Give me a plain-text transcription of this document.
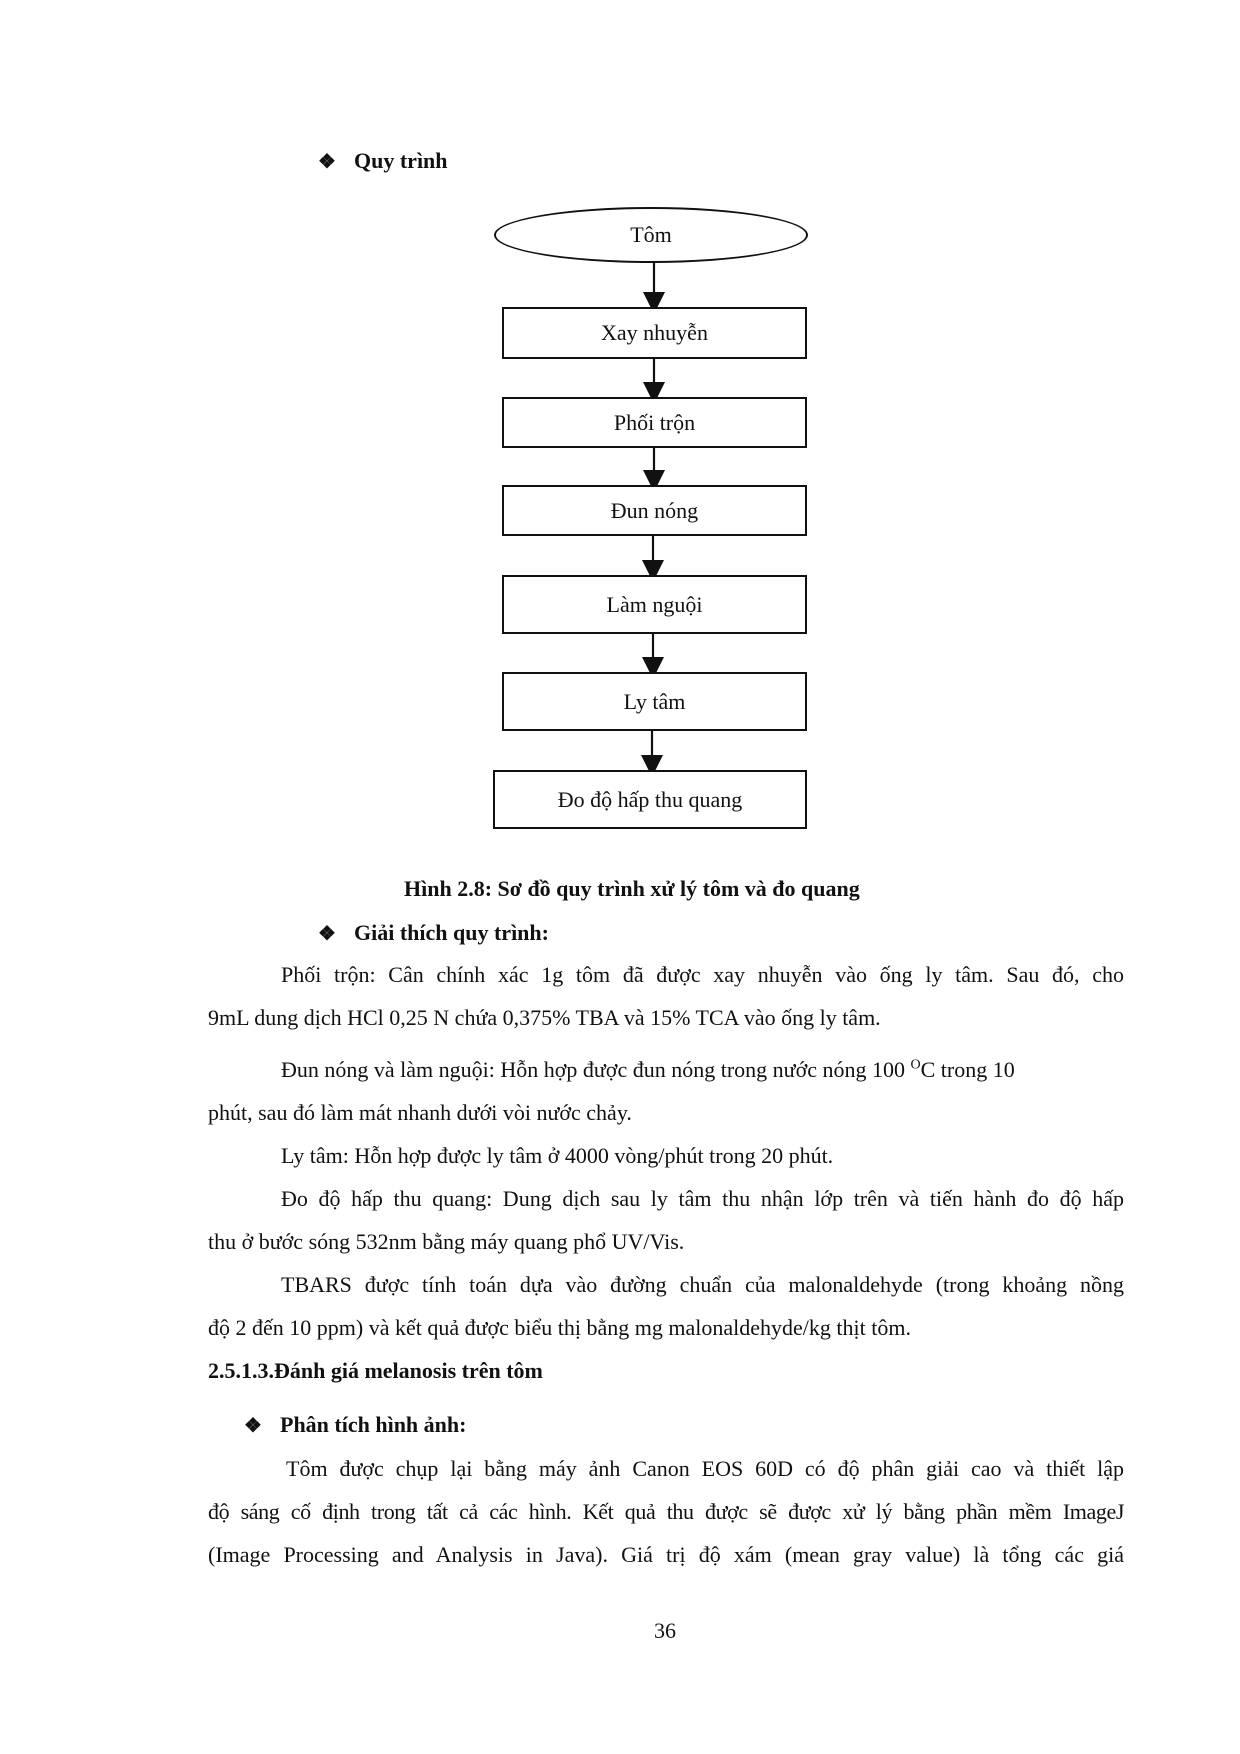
❖ Quy trình
Tôm
Xay nhuyễn
Phối trộn
Đun nóng
Làm nguội
Ly tâm
Đo độ hấp thu quang
Hình 2.8: Sơ đồ quy trình xử lý tôm và đo quang
❖ Giải thích quy trình:
Phối trộn: Cân chính xác 1g tôm đã được xay nhuyễn vào ống ly tâm. Sau đó, cho
9mL dung dịch HCl 0,25 N chứa 0,375% TBA và 15% TCA vào ống ly tâm.
Đun nóng và làm nguội: Hỗn hợp được đun nóng trong nước nóng 100 $^O$C trong 10
phút, sau đó làm mát nhanh dưới vòi nước chảy.
Ly tâm: Hỗn hợp được ly tâm ở 4000 vòng/phút trong 20 phút.
Đo độ hấp thu quang: Dung dịch sau ly tâm thu nhận lớp trên và tiến hành đo độ hấp
thu ở bước sóng 532nm bằng máy quang phổ UV/Vis.
TBARS được tính toán dựa vào đường chuẩn của malonaldehyde (trong khoảng nồng
độ 2 đến 10 ppm) và kết quả được biểu thị bằng mg malonaldehyde/kg thịt tôm.
2.5.1.3.Đánh giá melanosis trên tôm
❖ Phân tích hình ảnh:
Tôm được chụp lại bằng máy ảnh Canon EOS 60D có độ phân giải cao và thiết lập
độ sáng cố định trong tất cả các hình. Kết quả thu được sẽ được xử lý bằng phần mềm ImageJ
(Image Processing and Analysis in Java). Giá trị độ xám (mean gray value) là tổng các giá
36
